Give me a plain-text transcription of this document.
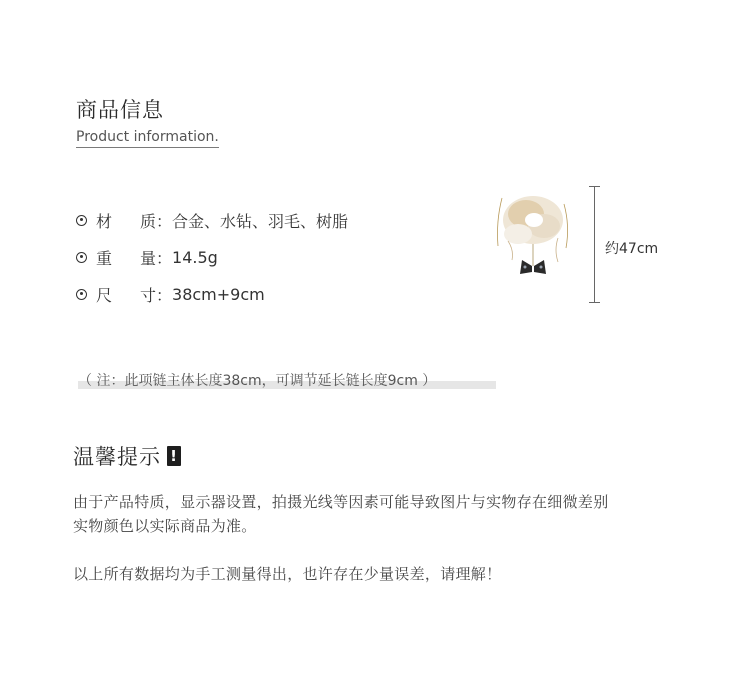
商品信息
Product information.
材　质 ： 合金、水钻、羽毛、树脂
重　量 ： 14.5g
尺　寸 ： 38cm+9cm
约47cm
（ 注：此项链主体长度38cm，可调节延长链长度9cm ）
温馨提示 !
由于产品特质，显示器设置，拍摄光线等因素可能导致图片与实物存在细微差别
实物颜色以实际商品为准。
以上所有数据均为手工测量得出，也许存在少量误差，请理解！
